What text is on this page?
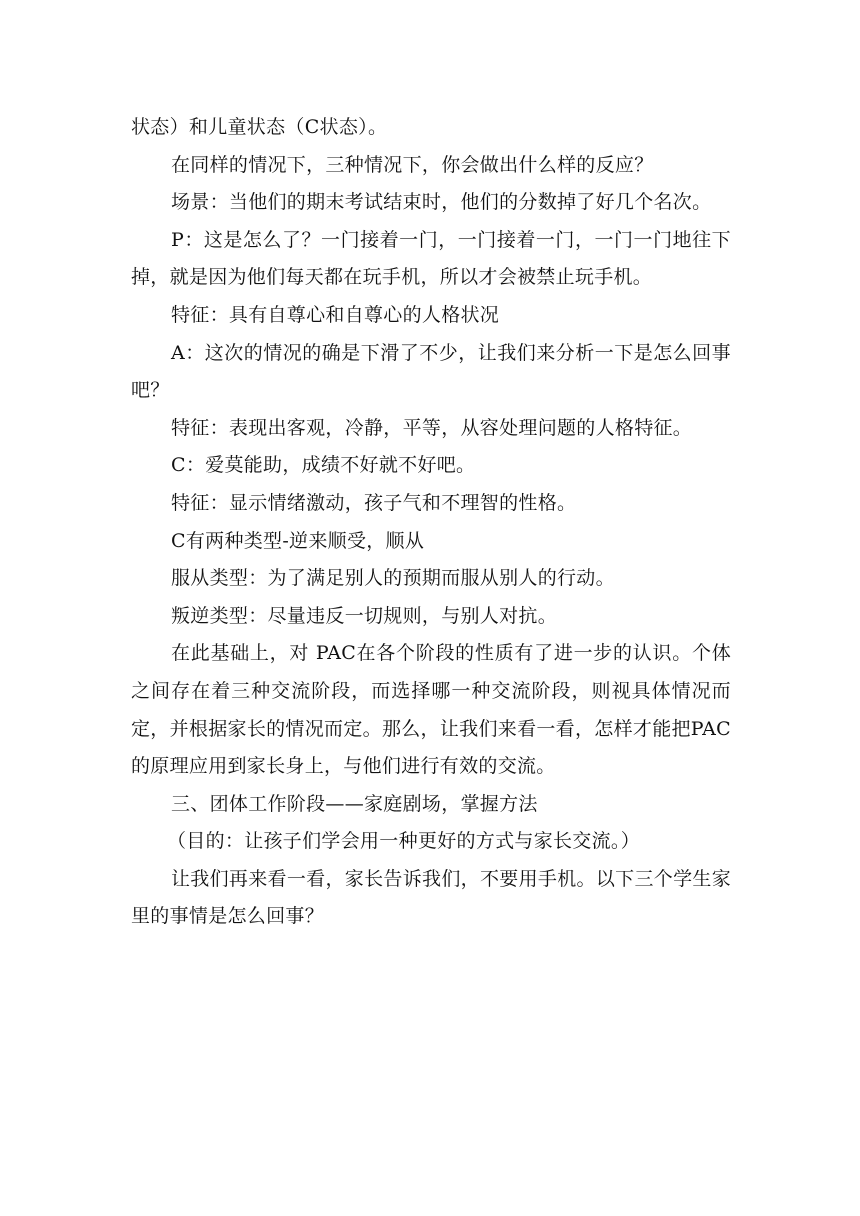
状态）和儿童状态（C状态）。

在同样的情况下，三种情况下，你会做出什么样的反应？

场景：当他们的期末考试结束时，他们的分数掉了好几个名次。

P：这是怎么了？一门接着一门，一门接着一门，一门一门地往下掉，就是因为他们每天都在玩手机，所以才会被禁止玩手机。

特征：具有自尊心和自尊心的人格状况

A：这次的情况的确是下滑了不少，让我们来分析一下是怎么回事吧？

特征：表现出客观，冷静，平等，从容处理问题的人格特征。

C：爱莫能助，成绩不好就不好吧。

特征：显示情绪激动，孩子气和不理智的性格。

C有两种类型-逆来顺受，顺从

服从类型：为了满足别人的预期而服从别人的行动。

叛逆类型：尽量违反一切规则，与别人对抗。

在此基础上，对 PAC在各个阶段的性质有了进一步的认识。个体之间存在着三种交流阶段，而选择哪一种交流阶段，则视具体情况而定，并根据家长的情况而定。那么，让我们来看一看，怎样才能把PAC的原理应用到家长身上，与他们进行有效的交流。

三、团体工作阶段——家庭剧场，掌握方法

（目的：让孩子们学会用一种更好的方式与家长交流。）

让我们再来看一看，家长告诉我们，不要用手机。以下三个学生家里的事情是怎么回事？
